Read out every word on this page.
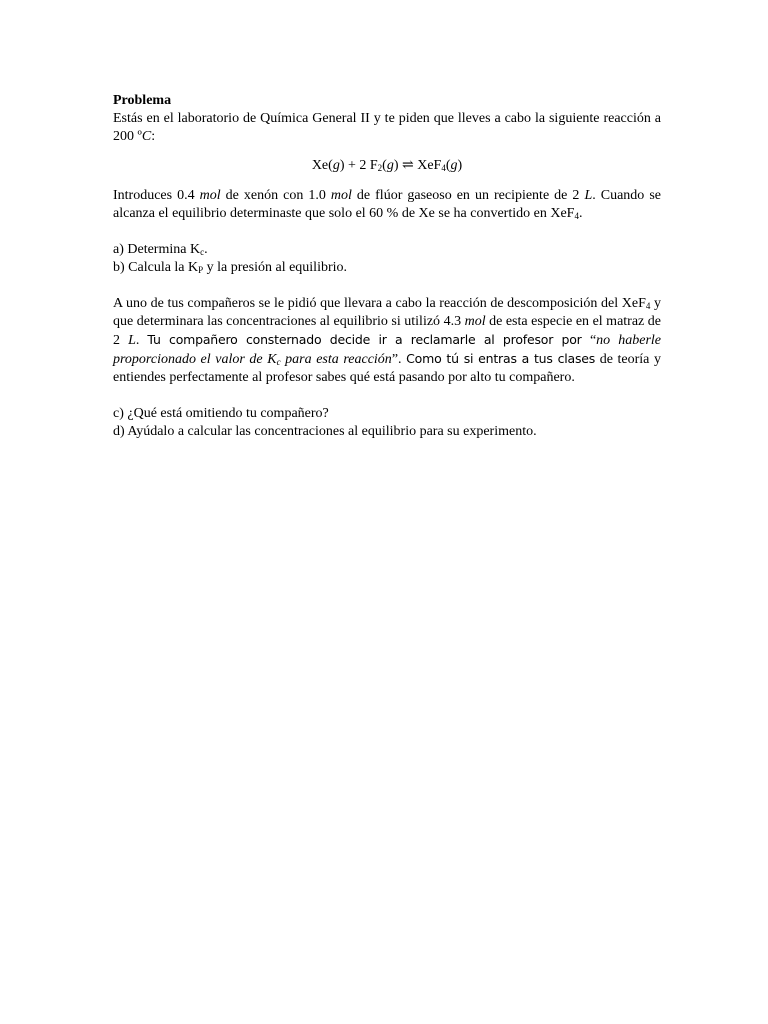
Problema

Estás en el laboratorio de Química General II y te piden que lleves a cabo la siguiente reacción a 200 ºC:

Xe(g) + 2 $F_2(g)$ ⇌ XeF$_4$(g)

Introduces 0.4 mol de xenón con 1.0 mol de flúor gaseoso en un recipiente de 2 L. Cuando se alcanza el equilibrio determinaste que solo el 60 % de Xe se ha convertido en XeF$_4$.

a) Determina $K_c$.
b) Calcula la $K_P$ y la presión al equilibrio.

A uno de tus compañeros se le pidió que llevara a cabo la reacción de descomposición del XeF$_4$ y que determinara las concentraciones al equilibrio si utilizó 4.3 mol de esta especie en el matraz de 2 L. Tu compañero consternado decide ir a reclamarle al profesor por “no haberle proporcionado el valor de $K_c$ para esta reacción”. Como tú si entras a tus clases de teoría y entiendes perfectamente al profesor sabes qué está pasando por alto tu compañero.

c) ¿Qué está omitiendo tu compañero?
d) Ayúdalo a calcular las concentraciones al equilibrio para su experimento.
